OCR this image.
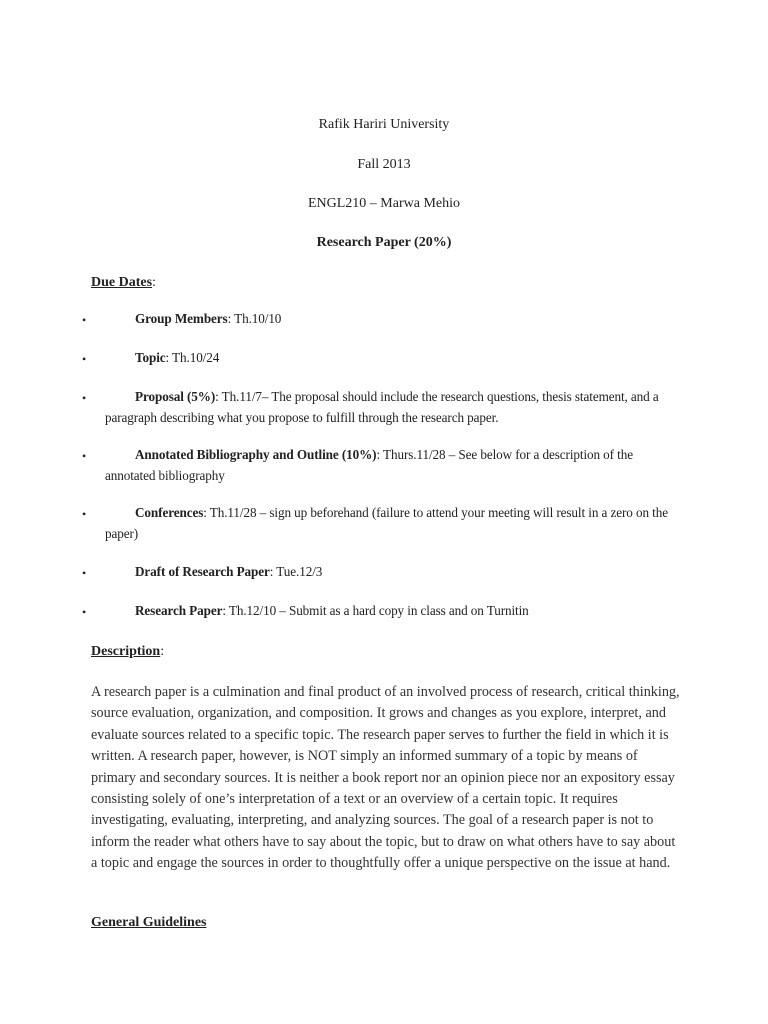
Rafik Hariri University
Fall 2013
ENGL210 – Marwa Mehio
Research Paper (20%)
Due Dates:
•	Group Members: Th.10/10
•	Topic: Th.10/24
•	Proposal (5%): Th.11/7– The proposal should include the research questions, thesis statement, and a paragraph describing what you propose to fulfill through the research paper.
•	Annotated Bibliography and Outline (10%): Thurs.11/28 – See below for a description of the annotated bibliography
•	Conferences: Th.11/28 – sign up beforehand (failure to attend your meeting will result in a zero on the paper)
•	Draft of Research Paper: Tue.12/3
•	Research Paper: Th.12/10 – Submit as a hard copy in class and on Turnitin
Description:
A research paper is a culmination and final product of an involved process of research, critical thinking, source evaluation, organization, and composition. It grows and changes as you explore, interpret, and evaluate sources related to a specific topic. The research paper serves to further the field in which it is written. A research paper, however, is NOT simply an informed summary of a topic by means of primary and secondary sources. It is neither a book report nor an opinion piece nor an expository essay consisting solely of one’s interpretation of a text or an overview of a certain topic. It requires investigating, evaluating, interpreting, and analyzing sources. The goal of a research paper is not to inform the reader what others have to say about the topic, but to draw on what others have to say about a topic and engage the sources in order to thoughtfully offer a unique perspective on the issue at hand.
General Guidelines
